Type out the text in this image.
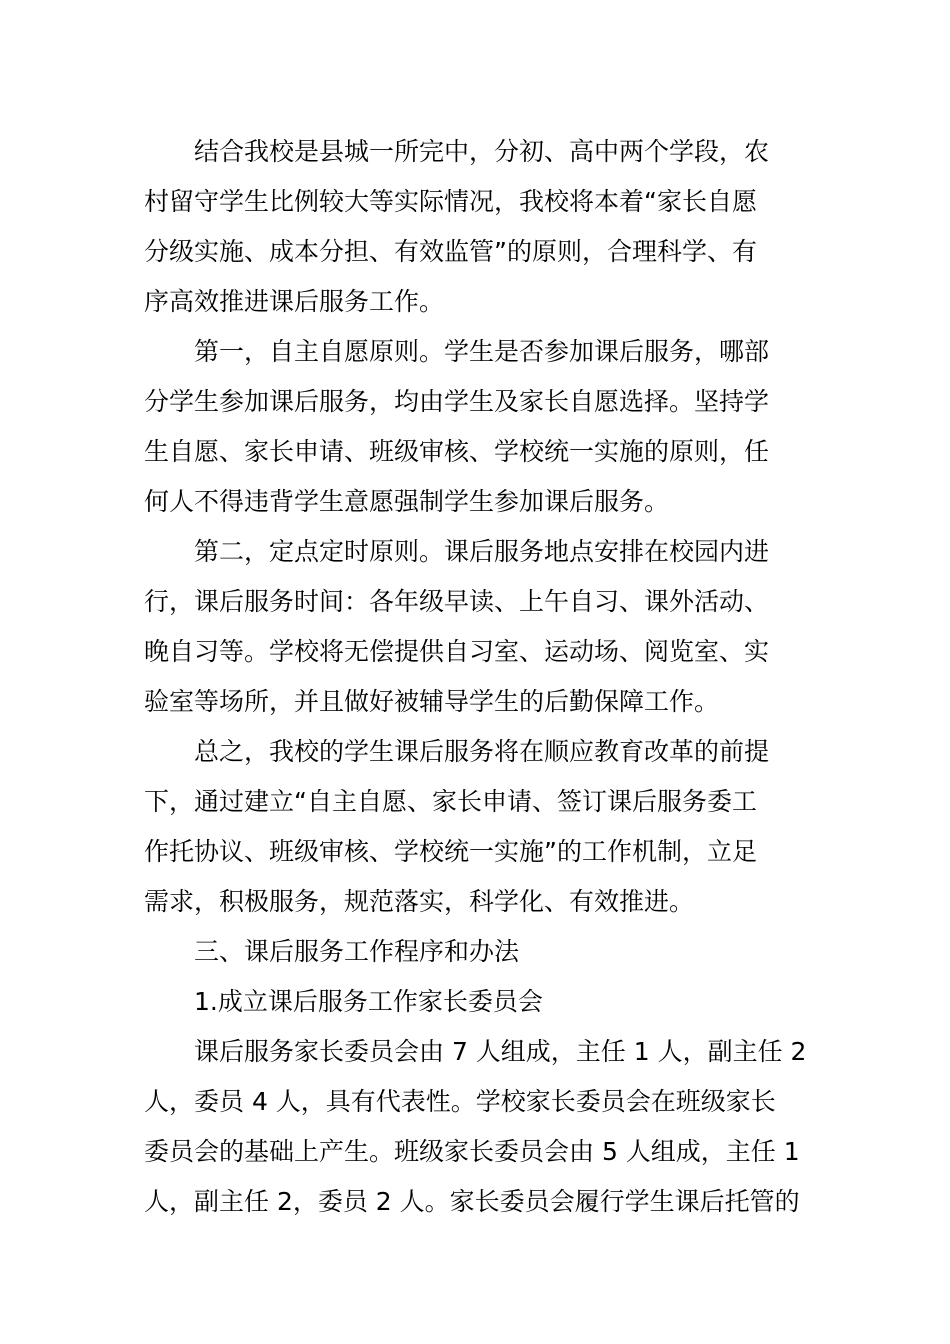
结合我校是县城一所完中，分初、高中两个学段，农
村留守学生比例较大等实际情况，我校将本着“家长自愿
分级实施、成本分担、有效监管”的原则，合理科学、有
序高效推进课后服务工作。
第一，自主自愿原则。学生是否参加课后服务，哪部
分学生参加课后服务，均由学生及家长自愿选择。坚持学
生自愿、家长申请、班级审核、学校统一实施的原则，任
何人不得违背学生意愿强制学生参加课后服务。
第二，定点定时原则。课后服务地点安排在校园内进
行，课后服务时间：各年级早读、上午自习、课外活动、
晚自习等。学校将无偿提供自习室、运动场、阅览室、实
验室等场所，并且做好被辅导学生的后勤保障工作。
总之，我校的学生课后服务将在顺应教育改革的前提
下，通过建立“自主自愿、家长申请、签订课后服务委工
作托协议、班级审核、学校统一实施”的工作机制，立足
需求，积极服务，规范落实，科学化、有效推进。
三、课后服务工作程序和办法
1.成立课后服务工作家长委员会
课后服务家长委员会由 7 人组成，主任 1 人，副主任 2
人，委员 4 人，具有代表性。学校家长委员会在班级家长
委员会的基础上产生。班级家长委员会由 5 人组成，主任 1
人，副主任 2，委员 2 人。家长委员会履行学生课后托管的
